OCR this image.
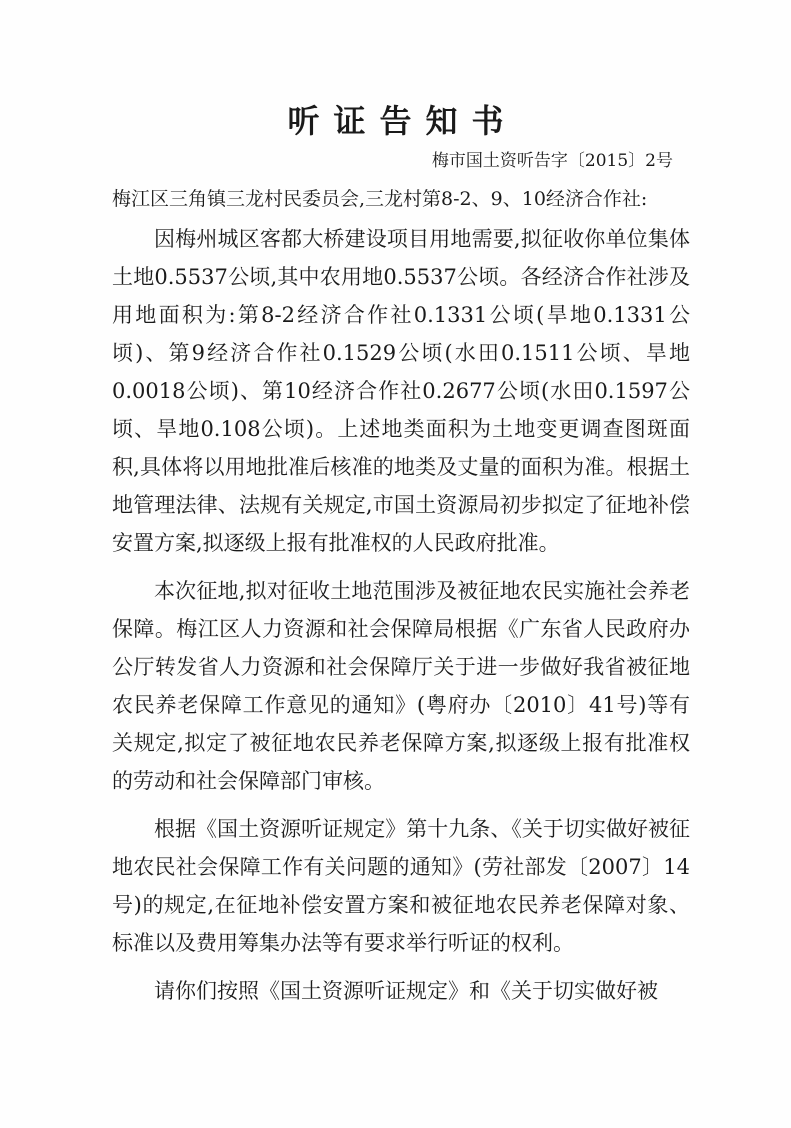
听证告知书
梅市国土资听告字〔2015〕2号
梅江区三角镇三龙村民委员会,三龙村第8-2、9、10经济合作社:

因梅州城区客都大桥建设项目用地需要,拟征收你单位集体土地0.5537公顷,其中农用地0.5537公顷。各经济合作社涉及用地面积为:第8-2经济合作社0.1331公顷(旱地0.1331公顷)、第9经济合作社0.1529公顷(水田0.1511公顷、旱地0.0018公顷)、第10经济合作社0.2677公顷(水田0.1597公顷、旱地0.108公顷)。上述地类面积为土地变更调查图斑面积,具体将以用地批准后核准的地类及丈量的面积为准。根据土地管理法律、法规有关规定,市国土资源局初步拟定了征地补偿安置方案,拟逐级上报有批准权的人民政府批准。

本次征地,拟对征收土地范围涉及被征地农民实施社会养老保障。梅江区人力资源和社会保障局根据《广东省人民政府办公厅转发省人力资源和社会保障厅关于进一步做好我省被征地农民养老保障工作意见的通知》(粤府办〔2010〕41号)等有关规定,拟定了被征地农民养老保障方案,拟逐级上报有批准权的劳动和社会保障部门审核。

根据《国土资源听证规定》第十九条、《关于切实做好被征地农民社会保障工作有关问题的通知》(劳社部发〔2007〕14号)的规定,在征地补偿安置方案和被征地农民养老保障对象、标准以及费用筹集办法等有要求举行听证的权利。

请你们按照《国土资源听证规定》和《关于切实做好被
